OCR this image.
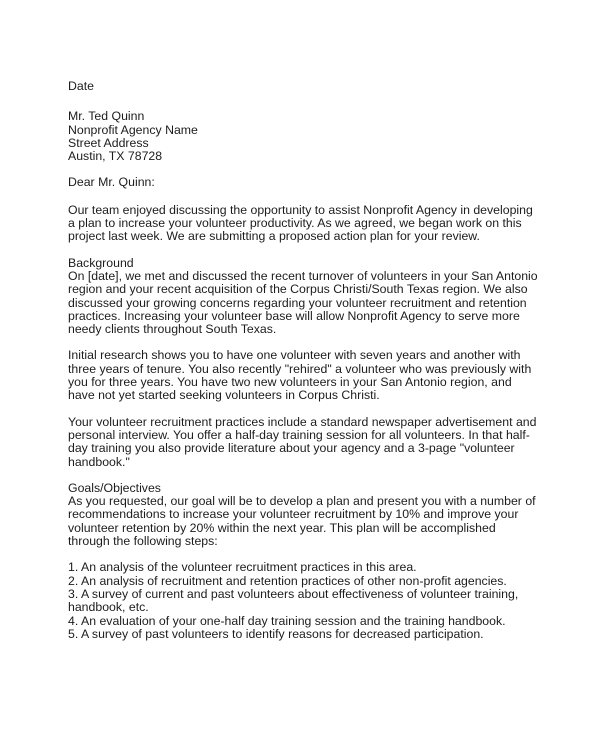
Date

Mr. Ted Quinn

Nonprofit Agency Name

Street Address

Austin, TX 78728

Dear Mr. Quinn:

Our team enjoyed discussing the opportunity to assist Nonprofit Agency in developing a plan to increase your volunteer productivity. As we agreed, we began work on this project last week. We are submitting a proposed action plan for your review.

Background

On [date], we met and discussed the recent turnover of volunteers in your San Antonio region and your recent acquisition of the Corpus Christi/South Texas region. We also discussed your growing concerns regarding your volunteer recruitment and retention practices. Increasing your volunteer base will allow Nonprofit Agency to serve more needy clients throughout South Texas.

Initial research shows you to have one volunteer with seven years and another with three years of tenure. You also recently "rehired" a volunteer who was previously with you for three years. You have two new volunteers in your San Antonio region, and have not yet started seeking volunteers in Corpus Christi.

Your volunteer recruitment practices include a standard newspaper advertisement and personal interview. You offer a half-day training session for all volunteers. In that half-day training you also provide literature about your agency and a 3-page "volunteer handbook."

Goals/Objectives

As you requested, our goal will be to develop a plan and present you with a number of recommendations to increase your volunteer recruitment by 10% and improve your volunteer retention by 20% within the next year. This plan will be accomplished through the following steps:

1. An analysis of the volunteer recruitment practices in this area.
2. An analysis of recruitment and retention practices of other non-profit agencies.
3. A survey of current and past volunteers about effectiveness of volunteer training, handbook, etc.
4. An evaluation of your one-half day training session and the training handbook.
5. A survey of past volunteers to identify reasons for decreased participation.
